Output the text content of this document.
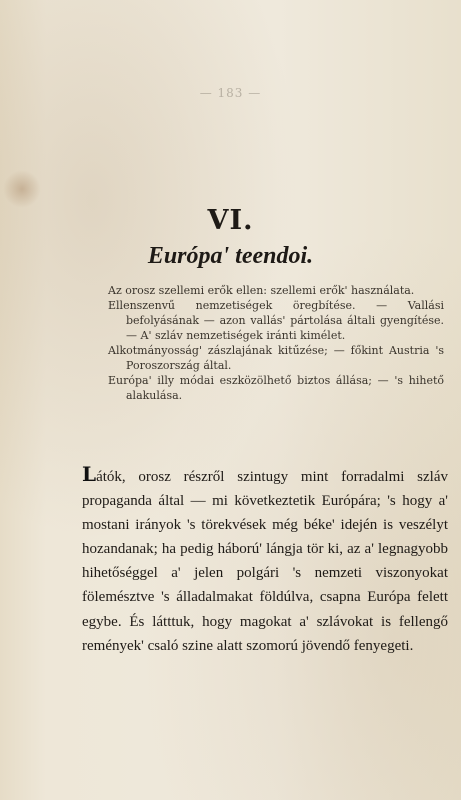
— 183 —
VI.
Európa' teendoi.

Az orosz szellemi erők ellen: szellemi erők' használata.

Ellenszenvű nemzetiségek öregbítése. — Vallási befolyásának — azon vallás' pártolása általi gyengítése. — A' szláv nemzetiségek iránti kimélet.

Alkotmányosság' zászlajának kitűzése; — főkint Austria 's Poroszország által.

Európa' illy módai eszközölhető biztos állása; — 's hihető alakulása.

Látók, orosz részről szintugy mint forradalmi szláv propaganda által — mi következtetik Európára; 's hogy a' mostani irányok 's törekvések még béke' idején is veszélyt hozandanak; ha pedig háború' lángja tör ki, az a' legnagyobb hihetőséggel a' jelen polgári 's nemzeti viszonyokat fölemésztve 's álladalmakat földúlva, csapna Európa felett egybe. És látttuk, hogy magokat a' szlávokat is fellengő remények' csaló szine alatt szomorú jövendő fenyegeti.
